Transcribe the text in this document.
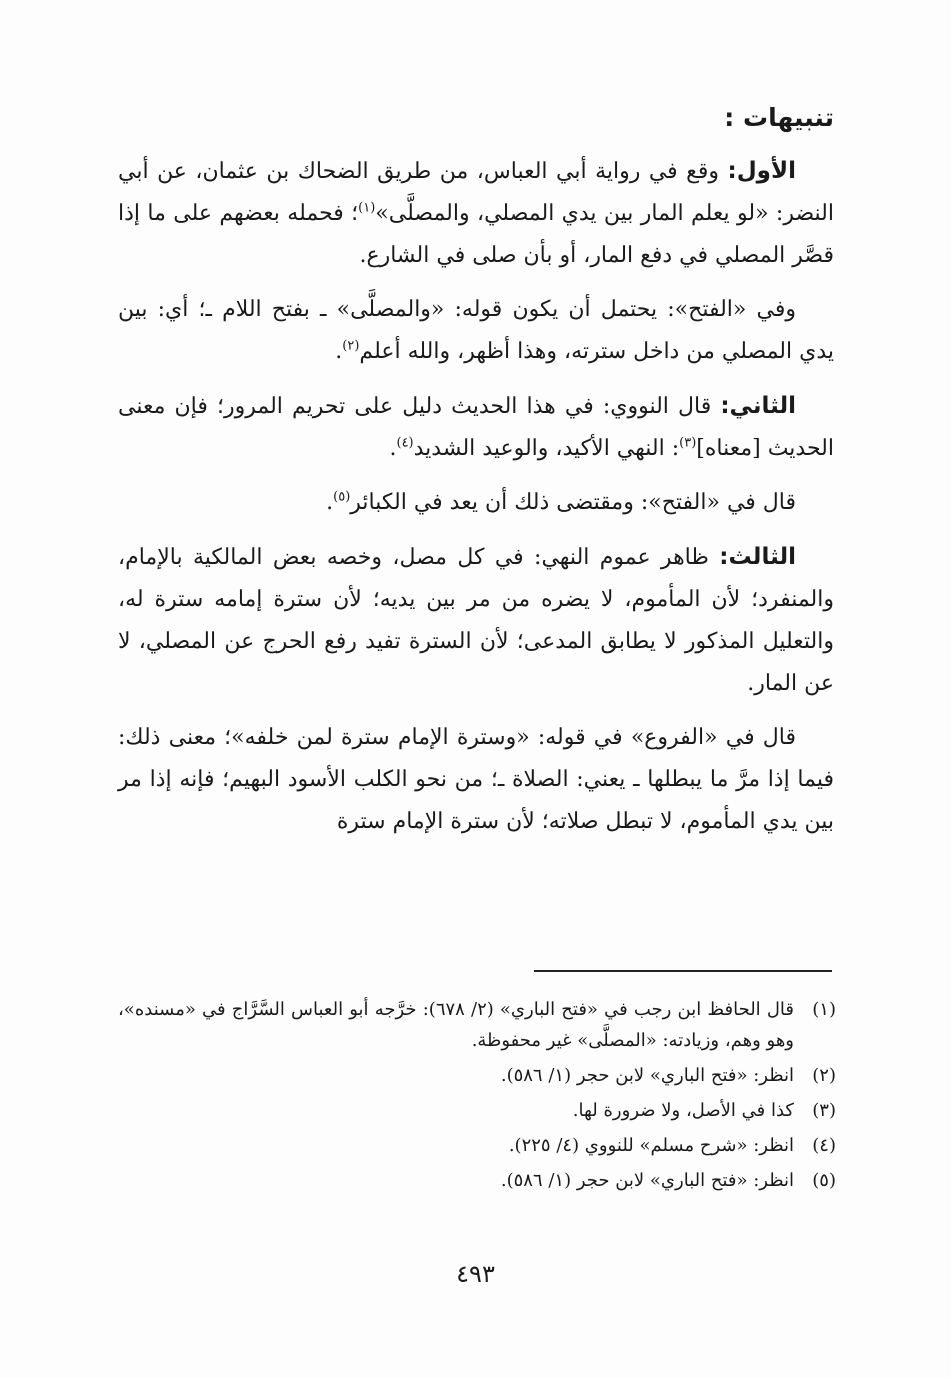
تنبيهات :

الأول: وقع في رواية أبي العباس، من طريق الضحاك بن عثمان، عن أبي النضر: «لو يعلم المار بين يدي المصلي، والمصلَّى»$^{(١)}$؛ فحمله بعضهم على ما إذا قصَّر المصلي في دفع المار، أو بأن صلى في الشارع.

وفي «الفتح»: يحتمل أن يكون قوله: «والمصلَّى» ـ بفتح اللام ـ؛ أي: بين يدي المصلي من داخل سترته، وهذا أظهر، والله أعلم$^{(٢)}$.

الثاني: قال النووي: في هذا الحديث دليل على تحريم المرور؛ فإن معنى الحديث [معناه]$^{(٣)}$: النهي الأكيد، والوعيد الشديد$^{(٤)}$.

قال في «الفتح»: ومقتضى ذلك أن يعد في الكبائر$^{(٥)}$.

الثالث: ظاهر عموم النهي: في كل مصل، وخصه بعض المالكية بالإمام، والمنفرد؛ لأن المأموم، لا يضره من مر بين يديه؛ لأن سترة إمامه سترة له، والتعليل المذكور لا يطابق المدعى؛ لأن السترة تفيد رفع الحرج عن المصلي، لا عن المار.

قال في «الفروع» في قوله: «وسترة الإمام سترة لمن خلفه»؛ معنى ذلك: فيما إذا مرَّ ما يبطلها ـ يعني: الصلاة ـ؛ من نحو الكلب الأسود البهيم؛ فإنه إذا مر بين يدي المأموم، لا تبطل صلاته؛ لأن سترة الإمام سترة

(١)
قال الحافظ ابن رجب في «فتح الباري» (٢/ ٦٧٨): خرَّجه أبو العباس السَّرَّاج في «مسنده»، وهو وهم، وزيادته: «المصلَّى» غير محفوظة.
(٢)
انظر: «فتح الباري» لابن حجر (١/ ٥٨٦).
(٣)
كذا في الأصل، ولا ضرورة لها.
(٤)
انظر: «شرح مسلم» للنووي (٤/ ٢٢٥).
(٥)
انظر: «فتح الباري» لابن حجر (١/ ٥٨٦).
٤٩٣
